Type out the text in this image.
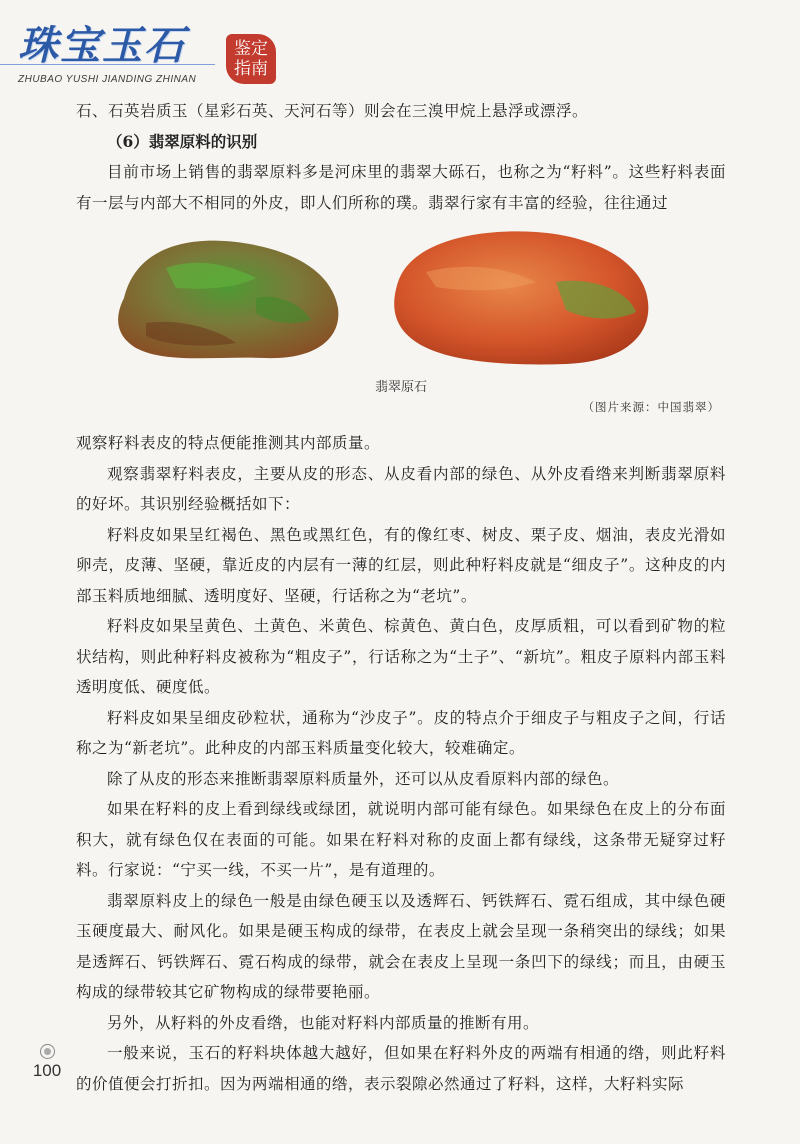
珠宝玉石	鉴定
指南
ZHUBAO YUSHI JIANDING ZHINAN

石、石英岩质玉（星彩石英、天河石等）则会在三溴甲烷上悬浮或漂浮。

（6）翡翠原料的识别

目前市场上销售的翡翠原料多是河床里的翡翠大砾石，也称之为“籽料”。这些籽料表面有一层与内部大不相同的外皮，即人们所称的璞。翡翠行家有丰富的经验，往往通过

翡翠原石
（图片来源：中国翡翠）

观察籽料表皮的特点便能推测其内部质量。

观察翡翠籽料表皮，主要从皮的形态、从皮看内部的绿色、从外皮看绺来判断翡翠原料的好坏。其识别经验概括如下：

籽料皮如果呈红褐色、黑色或黑红色，有的像红枣、树皮、栗子皮、烟油，表皮光滑如卵壳，皮薄、坚硬，靠近皮的内层有一薄的红层，则此种籽料皮就是“细皮子”。这种皮的内部玉料质地细腻、透明度好、坚硬，行话称之为“老坑”。

籽料皮如果呈黄色、土黄色、米黄色、棕黄色、黄白色，皮厚质粗，可以看到矿物的粒状结构，则此种籽料皮被称为“粗皮子”，行话称之为“土子”、“新坑”。粗皮子原料内部玉料透明度低、硬度低。

籽料皮如果呈细皮砂粒状，通称为“沙皮子”。皮的特点介于细皮子与粗皮子之间，行话称之为“新老坑”。此种皮的内部玉料质量变化较大，较难确定。

除了从皮的形态来推断翡翠原料质量外，还可以从皮看原料内部的绿色。

如果在籽料的皮上看到绿线或绿团，就说明内部可能有绿色。如果绿色在皮上的分布面积大，就有绿色仅在表面的可能。如果在籽料对称的皮面上都有绿线，这条带无疑穿过籽料。行家说：“宁买一线，不买一片”，是有道理的。

翡翠原料皮上的绿色一般是由绿色硬玉以及透辉石、钙铁辉石、霓石组成，其中绿色硬玉硬度最大、耐风化。如果是硬玉构成的绿带，在表皮上就会呈现一条稍突出的绿线；如果是透辉石、钙铁辉石、霓石构成的绿带，就会在表皮上呈现一条凹下的绿线；而且，由硬玉构成的绿带较其它矿物构成的绿带要艳丽。

另外，从籽料的外皮看绺，也能对籽料内部质量的推断有用。

一般来说，玉石的籽料块体越大越好，但如果在籽料外皮的两端有相通的绺，则此籽料的价值便会打折扣。因为两端相通的绺，表示裂隙必然通过了籽料，这样，大籽料实际

100
